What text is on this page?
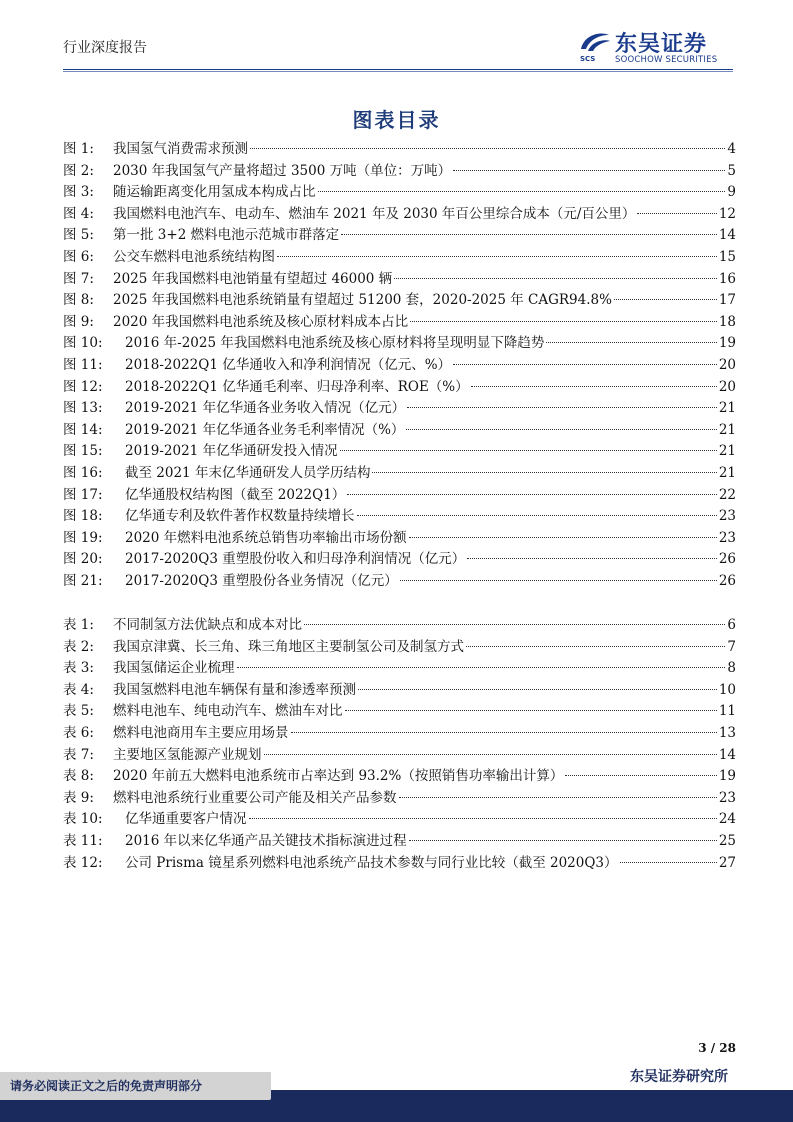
行业深度报告
SCS
东吴证券
SOOCHOW SECURITIES
图表目录
图 1:	我国氢气消费需求预测	4
图 2:	2030 年我国氢气产量将超过 3500 万吨（单位：万吨）	5
图 3:	随运输距离变化用氢成本构成占比	9
图 4:	我国燃料电池汽车、电动车、燃油车 2021 年及 2030 年百公里综合成本（元/百公里）	12
图 5:	第一批 3+2 燃料电池示范城市群落定	14
图 6:	公交车燃料电池系统结构图	15
图 7:	2025 年我国燃料电池销量有望超过 46000 辆	16
图 8:	2025 年我国燃料电池系统销量有望超过 51200 套，2020-2025 年 CAGR94.8%	17
图 9:	2020 年我国燃料电池系统及核心原材料成本占比	18
图 10:	2016 年-2025 年我国燃料电池系统及核心原材料将呈现明显下降趋势	19
图 11:	2018-2022Q1 亿华通收入和净利润情况（亿元、%）	20
图 12:	2018-2022Q1 亿华通毛利率、归母净利率、ROE（%）	20
图 13:	2019-2021 年亿华通各业务收入情况（亿元）	21
图 14:	2019-2021 年亿华通各业务毛利率情况（%）	21
图 15:	2019-2021 年亿华通研发投入情况	21
图 16:	截至 2021 年末亿华通研发人员学历结构	21
图 17:	亿华通股权结构图（截至 2022Q1）	22
图 18:	亿华通专利及软件著作权数量持续增长	23
图 19:	2020 年燃料电池系统总销售功率输出市场份额	23
图 20:	2017-2020Q3 重塑股份收入和归母净利润情况（亿元）	26
图 21:	2017-2020Q3 重塑股份各业务情况（亿元）	26
表 1:	不同制氢方法优缺点和成本对比	6
表 2:	我国京津冀、长三角、珠三角地区主要制氢公司及制氢方式	7
表 3:	我国氢储运企业梳理	8
表 4:	我国氢燃料电池车辆保有量和渗透率预测	10
表 5:	燃料电池车、纯电动汽车、燃油车对比	11
表 6:	燃料电池商用车主要应用场景	13
表 7:	主要地区氢能源产业规划	14
表 8:	2020 年前五大燃料电池系统市占率达到 93.2%（按照销售功率输出计算）	19
表 9:	燃料电池系统行业重要公司产能及相关产品参数	23
表 10:	亿华通重要客户情况	24
表 11:	2016 年以来亿华通产品关键技术指标演进过程	25
表 12:	公司 Prisma 镜星系列燃料电池系统产品技术参数与同行业比较（截至 2020Q3）	27
3 / 28
东吴证券研究所
请务必阅读正文之后的免责声明部分
